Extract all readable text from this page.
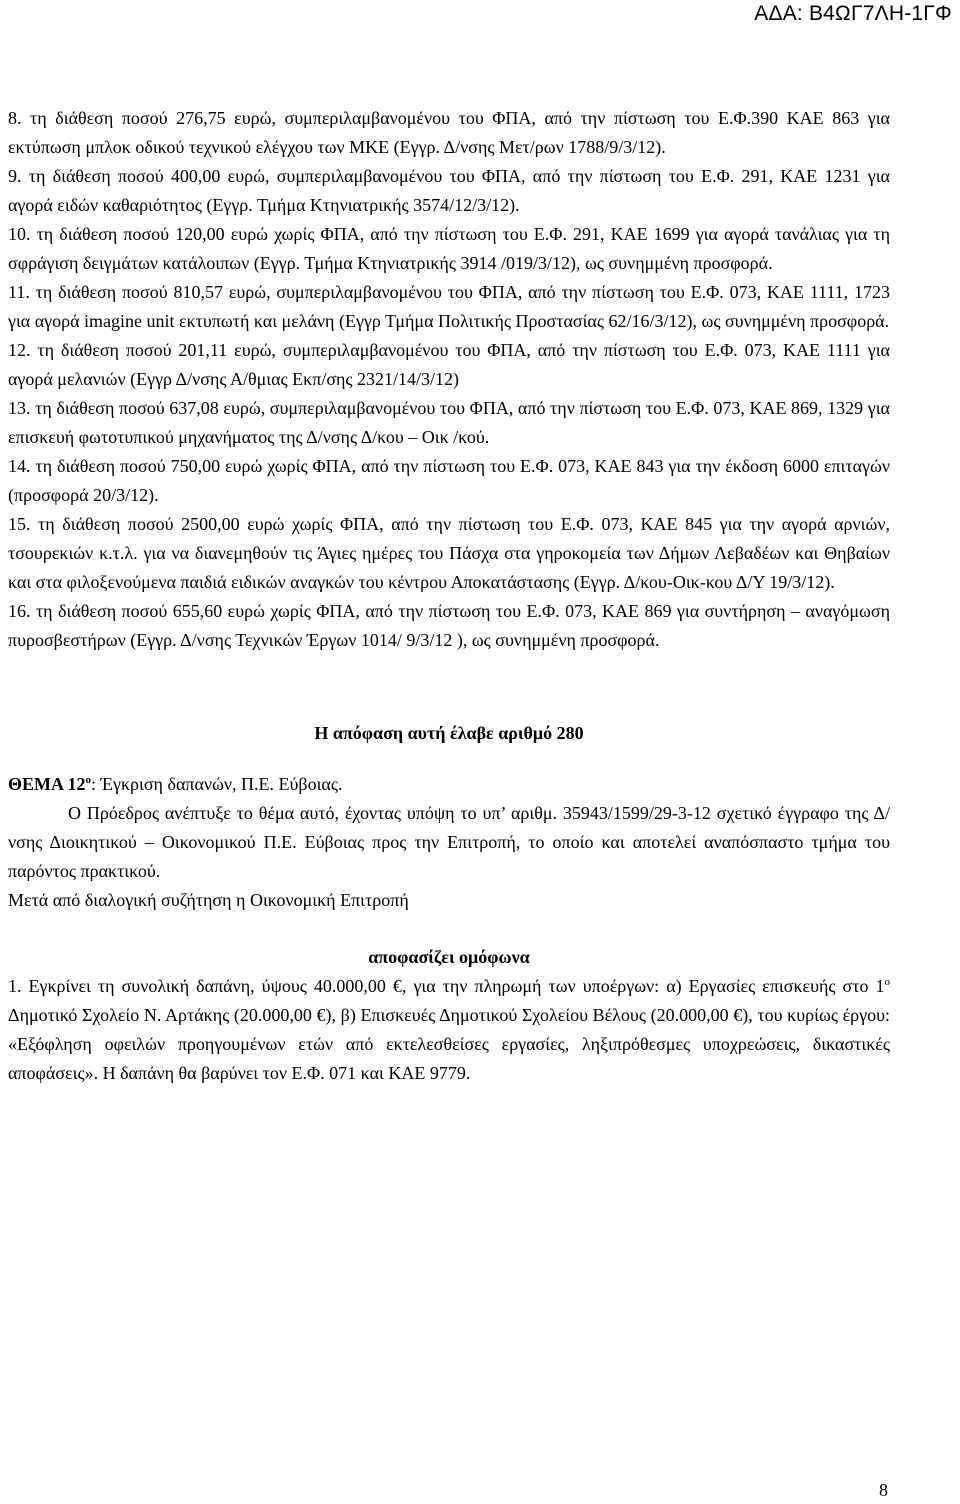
ΑΔΑ: Β4ΩΓ7ΛΗ-1ΓΦ

8. τη διάθεση ποσού 276,75 ευρώ, συμπεριλαμβανομένου του ΦΠΑ, από την πίστωση του Ε.Φ.390 ΚΑΕ 863 για εκτύπωση μπλοκ οδικού τεχνικού ελέγχου των ΜΚΕ (Εγγρ. Δ/νσης Μετ/ρων 1788/9/3/12).

9. τη διάθεση ποσού 400,00 ευρώ, συμπεριλαμβανομένου του ΦΠΑ, από την πίστωση του Ε.Φ. 291, ΚΑΕ 1231 για αγορά ειδών καθαριότητος (Εγγρ. Τμήμα Κτηνιατρικής 3574/12/3/12).

10. τη διάθεση ποσού 120,00 ευρώ χωρίς ΦΠΑ, από την πίστωση του Ε.Φ. 291, ΚΑΕ 1699 για αγορά τανάλιας για τη σφράγιση δειγμάτων κατάλοιπων (Εγγρ. Τμήμα Κτηνιατρικής 3914 /019/3/12), ως συνημμένη προσφορά.

11. τη διάθεση ποσού 810,57 ευρώ, συμπεριλαμβανομένου του ΦΠΑ, από την πίστωση του Ε.Φ. 073, ΚΑΕ 1111, 1723 για αγορά imagine unit εκτυπωτή και μελάνη (Εγγρ Τμήμα Πολιτικής Προστασίας 62/16/3/12), ως συνημμένη προσφορά.

12. τη διάθεση ποσού 201,11 ευρώ, συμπεριλαμβανομένου του ΦΠΑ, από την πίστωση του Ε.Φ. 073, ΚΑΕ 1111 για αγορά μελανιών (Εγγρ Δ/νσης Α/θμιας Εκπ/σης 2321/14/3/12)

13. τη διάθεση ποσού 637,08 ευρώ, συμπεριλαμβανομένου του ΦΠΑ, από την πίστωση του Ε.Φ. 073, ΚΑΕ 869, 1329 για επισκευή φωτοτυπικού μηχανήματος της Δ/νσης Δ/κου – Οικ /κού.

14. τη διάθεση ποσού 750,00 ευρώ χωρίς ΦΠΑ, από την πίστωση του Ε.Φ. 073, ΚΑΕ 843 για την έκδοση 6000 επιταγών (προσφορά 20/3/12).

15. τη διάθεση ποσού 2500,00 ευρώ χωρίς ΦΠΑ, από την πίστωση του Ε.Φ. 073, ΚΑΕ 845 για την αγορά αρνιών, τσουρεκιών κ.τ.λ. για να διανεμηθούν τις Άγιες ημέρες του Πάσχα στα γηροκομεία των Δήμων Λεβαδέων και Θηβαίων και στα φιλοξενούμενα παιδιά ειδικών αναγκών του κέντρου Αποκατάστασης (Εγγρ. Δ/κου-Οικ-κου Δ/Υ 19/3/12).

16. τη διάθεση ποσού 655,60 ευρώ χωρίς ΦΠΑ, από την πίστωση του Ε.Φ. 073, ΚΑΕ 869 για συντήρηση – αναγόμωση πυροσβεστήρων (Εγγρ. Δ/νσης Τεχνικών Έργων 1014/ 9/3/12 ), ως συνημμένη προσφορά.

Η απόφαση αυτή έλαβε αριθμό 280

ΘΕΜΑ $12^o$: Έγκριση δαπανών, Π.Ε. Εύβοιας.

Ο Πρόεδρος ανέπτυξε το θέμα αυτό, έχοντας υπόψη το υπ’ αριθμ. 35943/1599/29-3-12 σχετικό έγγραφο της Δ/νσης Διοικητικού – Οικονομικού Π.Ε. Εύβοιας προς την Επιτροπή, το οποίο και αποτελεί αναπόσπαστο τμήμα του παρόντος πρακτικού.

Μετά από διαλογική συζήτηση η Οικονομική Επιτροπή

αποφασίζει ομόφωνα

1. Εγκρίνει τη συνολική δαπάνη, ύψους 40.000,00 €, για την πληρωμή των υποέργων: α) Εργασίες επισκευής στο $1^o$ Δημοτικό Σχολείο Ν. Αρτάκης (20.000,00 €), β) Επισκευές Δημοτικού Σχολείου Βέλους (20.000,00 €), του κυρίως έργου: «Εξόφληση οφειλών προηγουμένων ετών από εκτελεσθείσες εργασίες, ληξιπρόθεσμες υποχρεώσεις, δικαστικές αποφάσεις». Η δαπάνη θα βαρύνει τον Ε.Φ. 071 και ΚΑΕ 9779.

8
